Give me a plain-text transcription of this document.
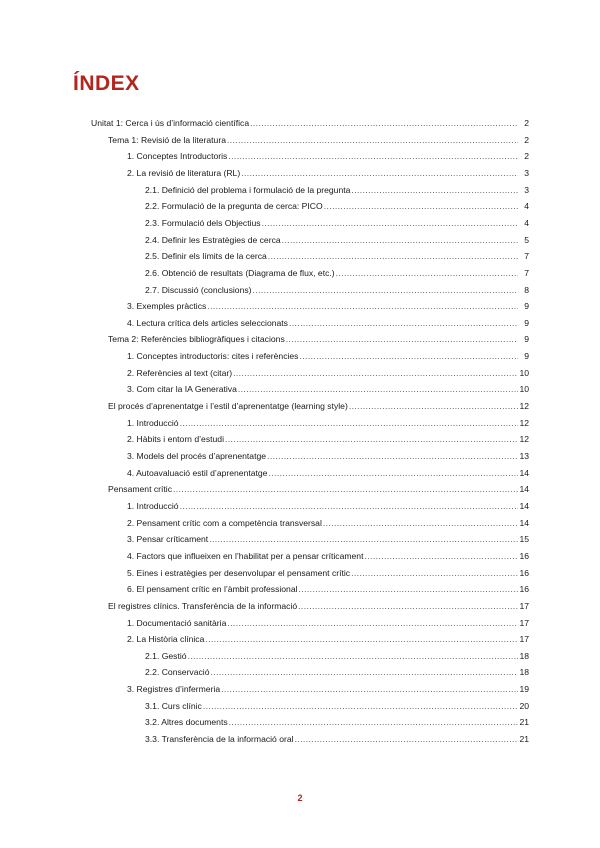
ÍNDEX
Unitat 1: Cerca i ús d’informació científica .....	2
Tema 1: Revisió de la literatura .....	2
1. Conceptes Introductoris .....	2
2. La revisió de literatura (RL) .....	3
2.1. Definició del problema i formulació de la pregunta .....	3
2.2. Formulació de la pregunta de cerca: PICO .....	4
2.3. Formulació dels Objectius .....	4
2.4. Definir les Estratègies de cerca .....	5
2.5. Definir els límits de la cerca .....	7
2.6. Obtenció de resultats (Diagrama de flux, etc.) .....	7
2.7. Discussió (conclusions) .....	8
3. Exemples pràctics .....	9
4. Lectura crítica dels articles seleccionats .....	9
Tema 2: Referències bibliogràfiques i citacions .....	9
1. Conceptes introductoris: cites i referències .....	9
2. Referències al text (citar) .....	10
3. Com citar la IA Generativa .....	10
El procés d’aprenentatge i l’estil d’aprenentatge (learning style) .....	12
1. Introducció .....	12
2. Hàbits i entorn d’estudi .....	12
3. Models del procés d’aprenentatge .....	13
4. Autoavaluació estil d’aprenentatge .....	14
Pensament crític .....	14
1. Introducció .....	14
2. Pensament crític com a competència transversal .....	14
3. Pensar críticament .....	15
4. Factors que influeixen en l’habilitat per a pensar críticament .....	16
5. Eines i estratègies per desenvolupar el pensament crític .....	16
6. El pensament crític en l’àmbit professional .....	16
El registres clínics. Transferència de la informació .....	17
1. Documentació sanitària .....	17
2. La Història clínica .....	17
2.1. Gestió .....	18
2.2. Conservació .....	18
3. Registres d’infermeria .....	19
3.1. Curs clínic .....	20
3.2. Altres documents .....	21
3.3. Transferència de la informació oral .....	21
2
